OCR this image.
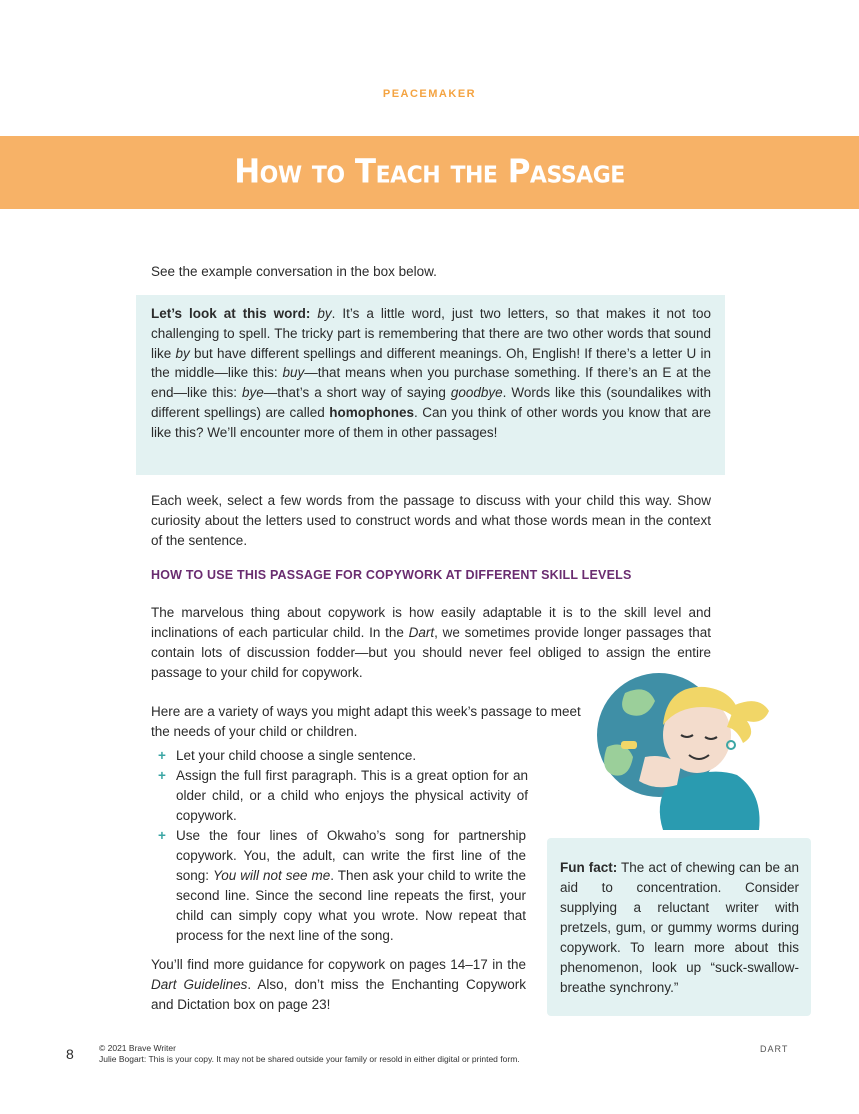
PEACEMAKER
How to Teach the Passage

See the example conversation in the box below.

Let’s look at this word: by. It’s a little word, just two letters, so that makes it not too challenging to spell. The tricky part is remembering that there are two other words that sound like by but have different spellings and different meanings. Oh, English! If there’s a letter U in the middle—like this: buy—that means when you purchase something. If there’s an E at the end—like this: bye—that’s a short way of saying goodbye. Words like this (soundalikes with different spellings) are called homophones. Can you think of other words you know that are like this? We’ll encounter more of them in other passages!

Each week, select a few words from the passage to discuss with your child this way. Show curiosity about the letters used to construct words and what those words mean in the context of the sentence.

HOW TO USE THIS PASSAGE FOR COPYWORK AT DIFFERENT SKILL LEVELS

The marvelous thing about copywork is how easily adaptable it is to the skill level and inclinations of each particular child. In the Dart, we sometimes provide longer passages that contain lots of discussion fodder—but you should never feel obliged to assign the entire passage to your child for copywork.

Here are a variety of ways you might adapt this week’s passage to meet the needs of your child or children.

+ Let your child choose a single sentence.
+ Assign the full first paragraph. This is a great option for an older child, or a child who enjoys the physical activity of copywork.
+ Use the four lines of Okwaho’s song for partnership copywork. You, the adult, can write the first line of the song: You will not see me. Then ask your child to write the second line. Since the second line repeats the first, your child can simply copy what you wrote. Now repeat that process for the next line of the song.

You’ll find more guidance for copywork on pages 14–17 in the Dart Guidelines. Also, don’t miss the Enchanting Copywork and Dictation box on page 23!

Fun fact: The act of chewing can be an aid to concentration. Consider supplying a reluctant writer with pretzels, gum, or gummy worms during copywork. To learn more about this phenomenon, look up “suck-swallow-breathe synchrony.”

8	© 2021 Brave Writer
Julie Bogart: This is your copy. It may not be shared outside your family or resold in either digital or printed form.
DART
